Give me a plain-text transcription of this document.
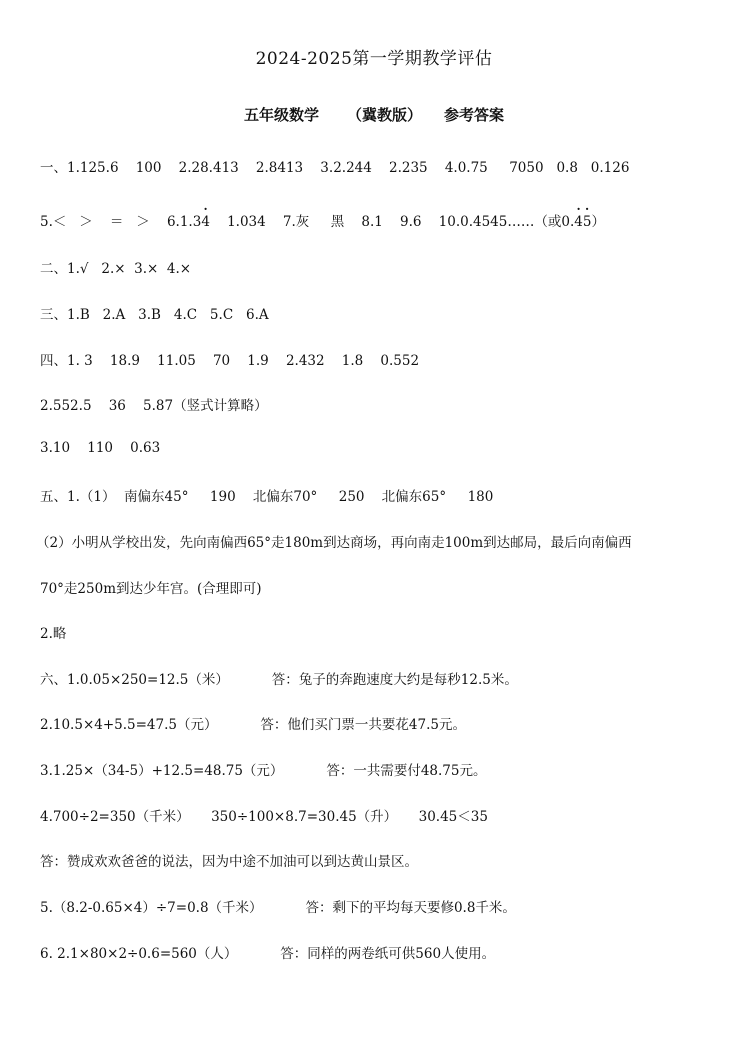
2024-2025第一学期教学评估
五年级数学 （冀教版） 参考答案
一、1.125.6    100    2.28.413    2.8413    3.2.244    2.235    4.0.75     7050   0.8   0.126
5.＜   ＞    ＝   ＞    6.1.3· 4    1.034    7.灰     黑    8.1    9.6    10.0.4545……（或0.· 4· 5）
二、1.√   2.×  3.×  4.×
三、1.B   2.A   3.B   4.C   5.C   6.A
四、1. 3    18.9    11.05    70    1.9    2.432    1.8    0.552
2.552.5    36    5.87（竖式计算略）
3.10    110    0.63
五、1.（1）  南偏东45°     190    北偏东70°     250    北偏东65°     180
（2）小明从学校出发，先向南偏西65°走180m到达商场，再向南走100m到达邮局，最后向南偏西
70°走250m到达少年宫。(合理即可)
2.略
六、1.0.05×250=12.5（米）          答：兔子的奔跑速度大约是每秒12.5米。
2.10.5×4+5.5=47.5（元）          答：他们买门票一共要花47.5元。
3.1.25×（34-5）+12.5=48.75（元）          答：一共需要付48.75元。
4.700÷2=350（千米）     350÷100×8.7=30.45（升）     30.45＜35
答：赞成欢欢爸爸的说法，因为中途不加油可以到达黄山景区。
5.（8.2-0.65×4）÷7=0.8（千米）          答：剩下的平均每天要修0.8千米。
6. 2.1×80×2÷0.6=560（人）          答：同样的两卷纸可供560人使用。
